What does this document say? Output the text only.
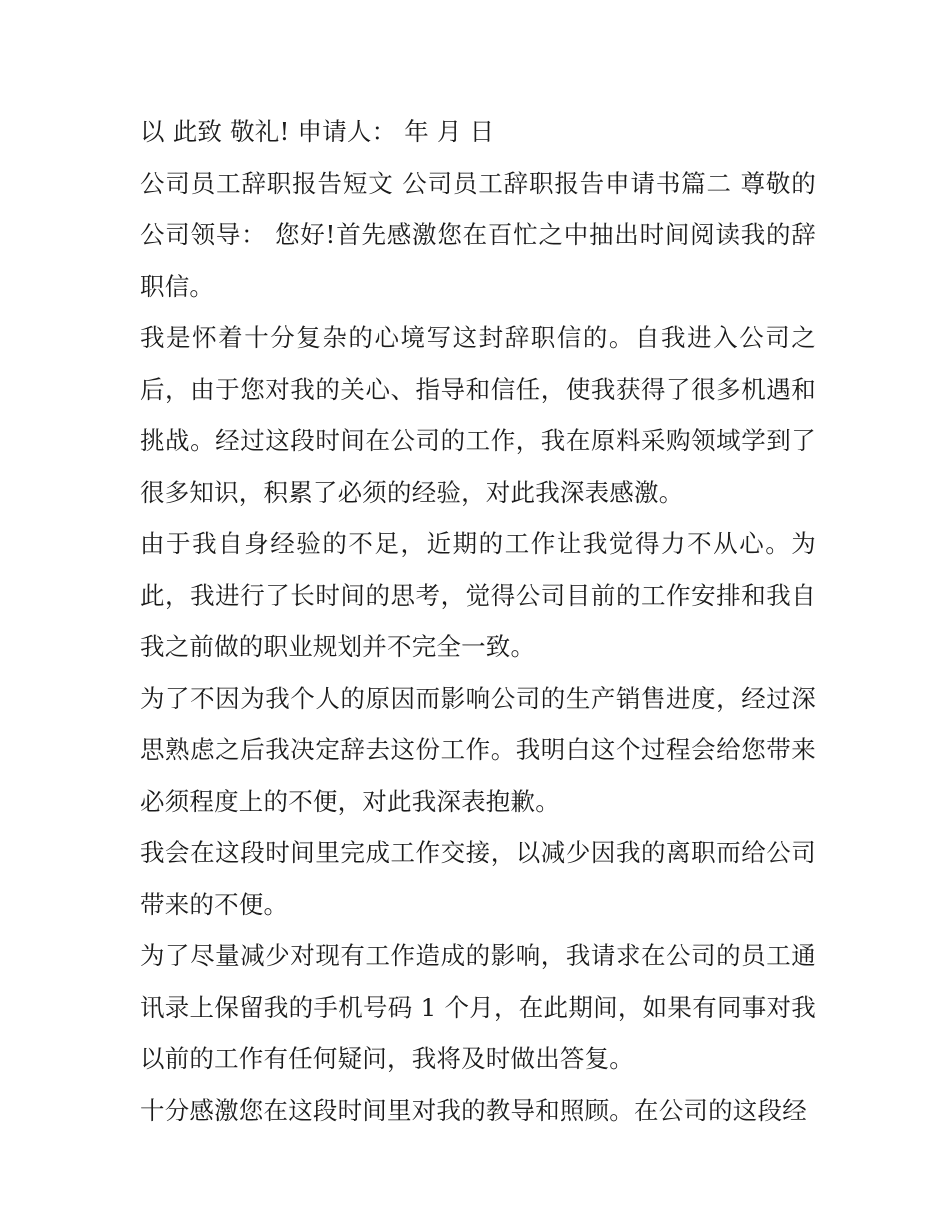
以 此致 敬礼! 申请人： 年 月 日

公司员工辞职报告短文 公司员工辞职报告申请书篇二 尊敬的公司领导： 您好!首先感激您在百忙之中抽出时间阅读我的辞职信。

我是怀着十分复杂的心境写这封辞职信的。自我进入公司之后，由于您对我的关心、指导和信任，使我获得了很多机遇和挑战。经过这段时间在公司的工作，我在原料采购领域学到了很多知识，积累了必须的经验，对此我深表感激。

由于我自身经验的不足，近期的工作让我觉得力不从心。为此，我进行了长时间的思考，觉得公司目前的工作安排和我自我之前做的职业规划并不完全一致。

为了不因为我个人的原因而影响公司的生产销售进度，经过深思熟虑之后我决定辞去这份工作。我明白这个过程会给您带来必须程度上的不便，对此我深表抱歉。

我会在这段时间里完成工作交接，以减少因我的离职而给公司带来的不便。

为了尽量减少对现有工作造成的影响，我请求在公司的员工通讯录上保留我的手机号码 1 个月，在此期间，如果有同事对我以前的工作有任何疑问，我将及时做出答复。

十分感激您在这段时间里对我的教导和照顾。在公司的这段经
